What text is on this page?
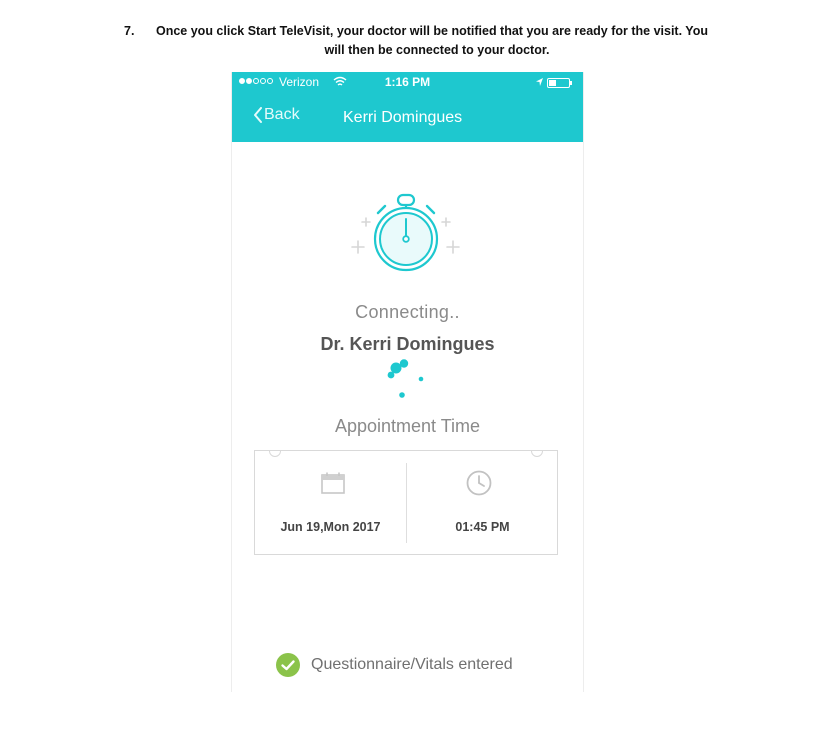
7. Once you click Start TeleVisit, your doctor will be notified that you are ready for the visit. You
will then be connected to your doctor.
Verizon	1:16 PM
Back	Kerri Domingues
Connecting..
Dr. Kerri Domingues
Appointment Time
Jun 19,Mon 2017	01:45 PM
Questionnaire/Vitals entered
